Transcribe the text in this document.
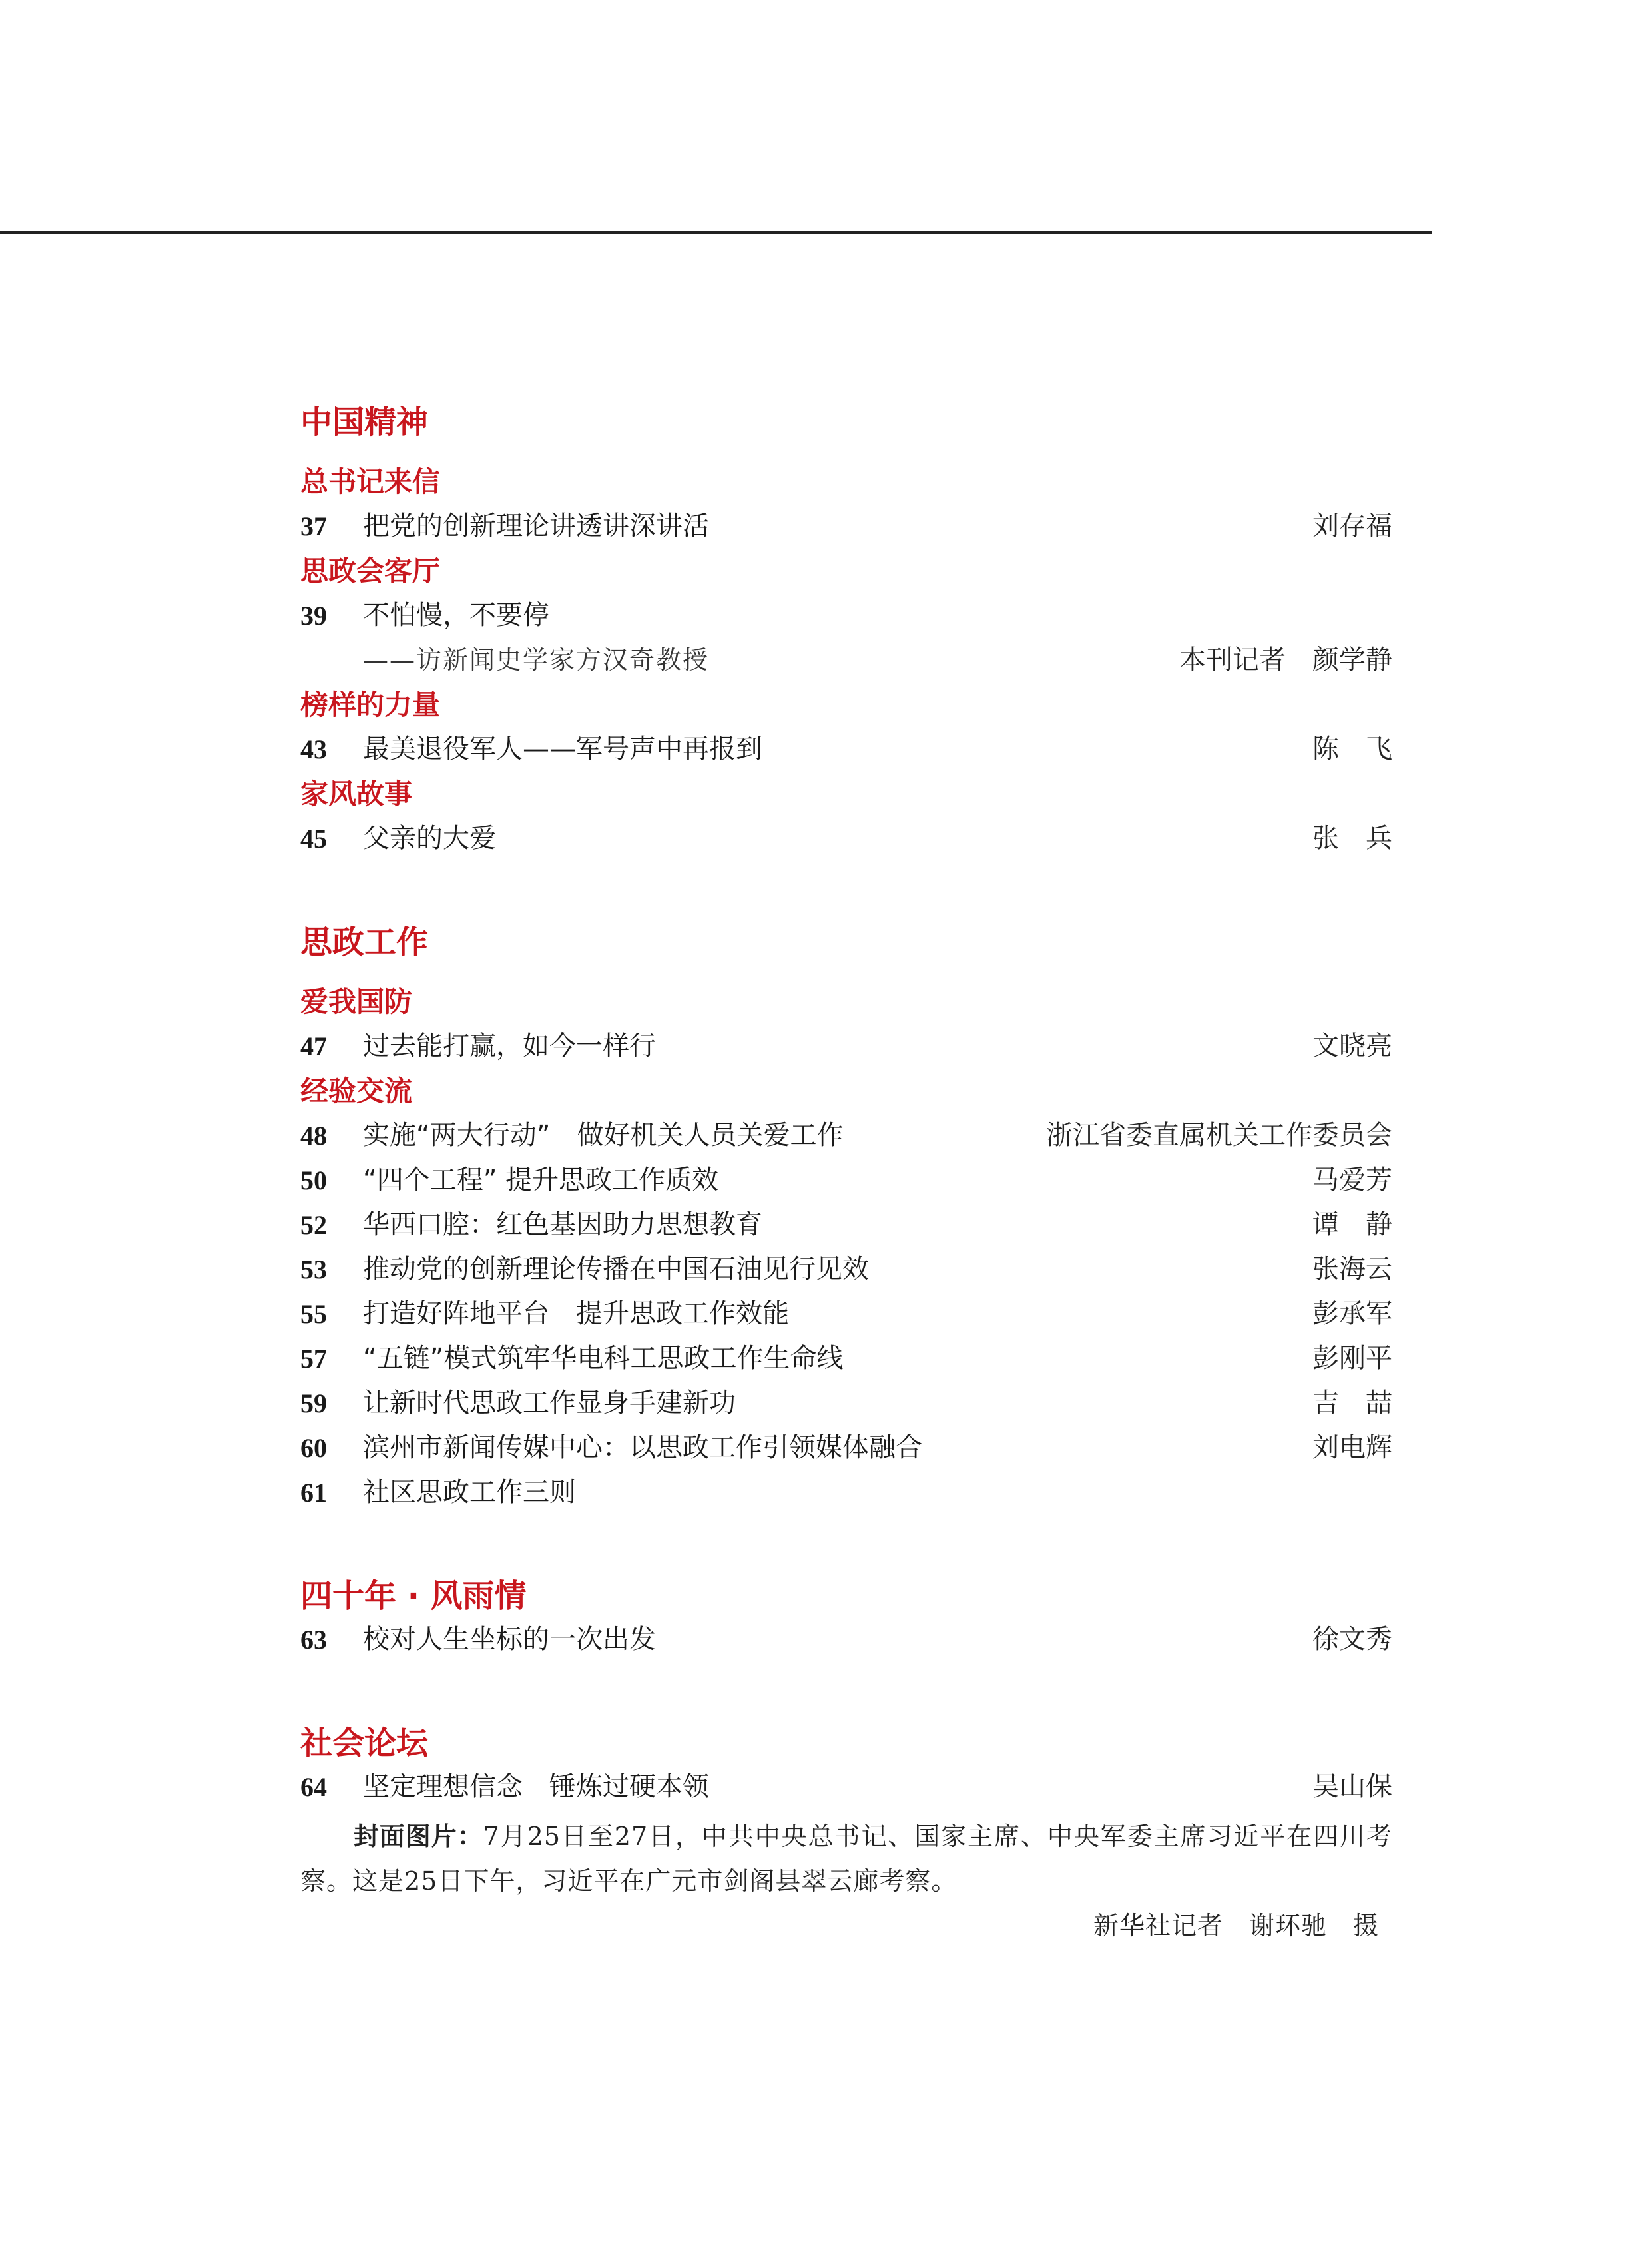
中国精神
总书记来信
37	把党的创新理论讲透讲深讲活	刘存福
思政会客厅
39	不怕慢，不要停
——访新闻史学家方汉奇教授	本刊记者　颜学静
榜样的力量
43	最美退役军人——军号声中再报到	陈　飞
家风故事
45	父亲的大爱	张　兵
思政工作
爱我国防
47	过去能打赢，如今一样行	文晓亮
经验交流
48	实施“两大行动”　做好机关人员关爱工作	浙江省委直属机关工作委员会
50	“四个工程” 提升思政工作质效	马爱芳
52	华西口腔：红色基因助力思想教育	谭　静
53	推动党的创新理论传播在中国石油见行见效	张海云
55	打造好阵地平台　提升思政工作效能	彭承军
57	“五链”模式筑牢华电科工思政工作生命线	彭刚平
59	让新时代思政工作显身手建新功	吉　喆
60	滨州市新闻传媒中心：以思政工作引领媒体融合	刘电辉
61	社区思政工作三则
四十年 · 风雨情
63	校对人生坐标的一次出发	徐文秀
社会论坛
64	坚定理想信念　锤炼过硬本领	吴山保

封面图片：7月25日至27日，中共中央总书记、国家主席、中央军委主席习近平在四川考察。这是25日下午，习近平在广元市剑阁县翠云廊考察。

新华社记者　谢环驰　摄
